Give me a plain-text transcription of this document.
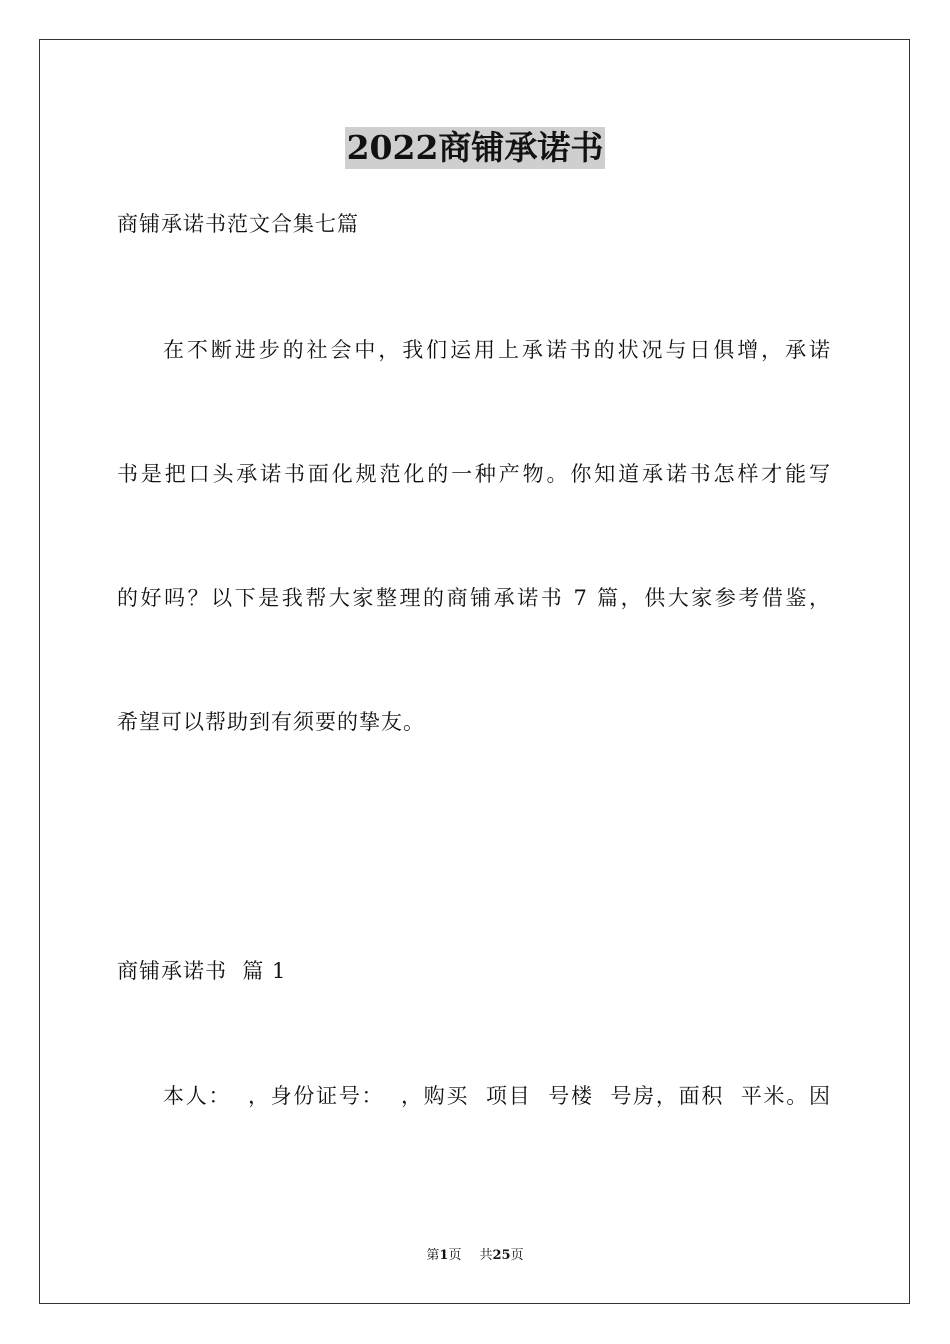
2022商铺承诺书
商铺承诺书范文合集七篇
在不断进步的社会中，我们运用上承诺书的状况与日俱增，承诺
书是把口头承诺书面化规范化的一种产物。你知道承诺书怎样才能写
的好吗？以下是我帮大家整理的商铺承诺书 7 篇，供大家参考借鉴，
希望可以帮助到有须要的挚友。
商铺承诺书  篇 1
本人：  ，身份证号：  ，购买  项目  号楼  号房，面积  平米。因
第1页 共25页
